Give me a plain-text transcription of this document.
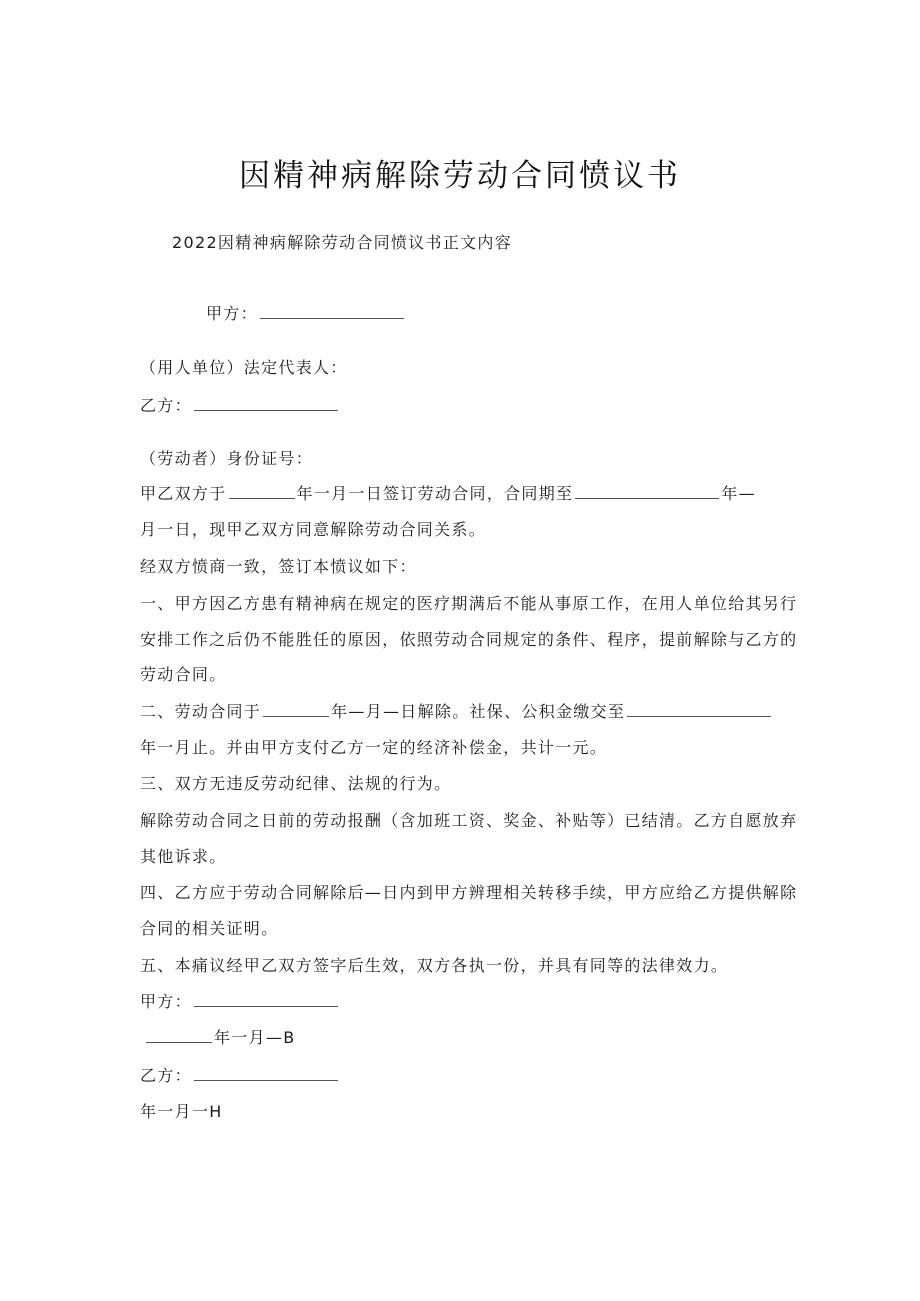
因精神病解除劳动合同愤议书
2022因精神病解除劳动合同愤议书正文内容
甲方：
（用人单位）法定代表人：
乙方：
（劳动者）身份证号：
甲乙双方于	年一月一日签订劳动合同，合同期至	年—
月一日，现甲乙双方同意解除劳动合同关系。
经双方愤商一致，签订本愤议如下：
一、甲方因乙方患有精神病在规定的医疗期满后不能从事原工作，在用人单位给其另行
安排工作之后仍不能胜任的原因，依照劳动合同规定的条件、程序，提前解除与乙方的
劳动合同。
二、劳动合同于	年—月—日解除。社保、公积金缴交至
年一月止。并由甲方支付乙方一定的经济补偿金，共计一元。
三、双方无违反劳动纪律、法规的行为。
解除劳动合同之日前的劳动报酬（含加班工资、奖金、补贴等）已结清。乙方自愿放弃
其他诉求。
四、乙方应于劳动合同解除后—日内到甲方辨理相关转移手续，甲方应给乙方提供解除
合同的相关证明。
五、本痛议经甲乙双方签字后生效，双方各执一份，并具有同等的法律效力。
甲方：
年一月—B
乙方：
年一月一H
